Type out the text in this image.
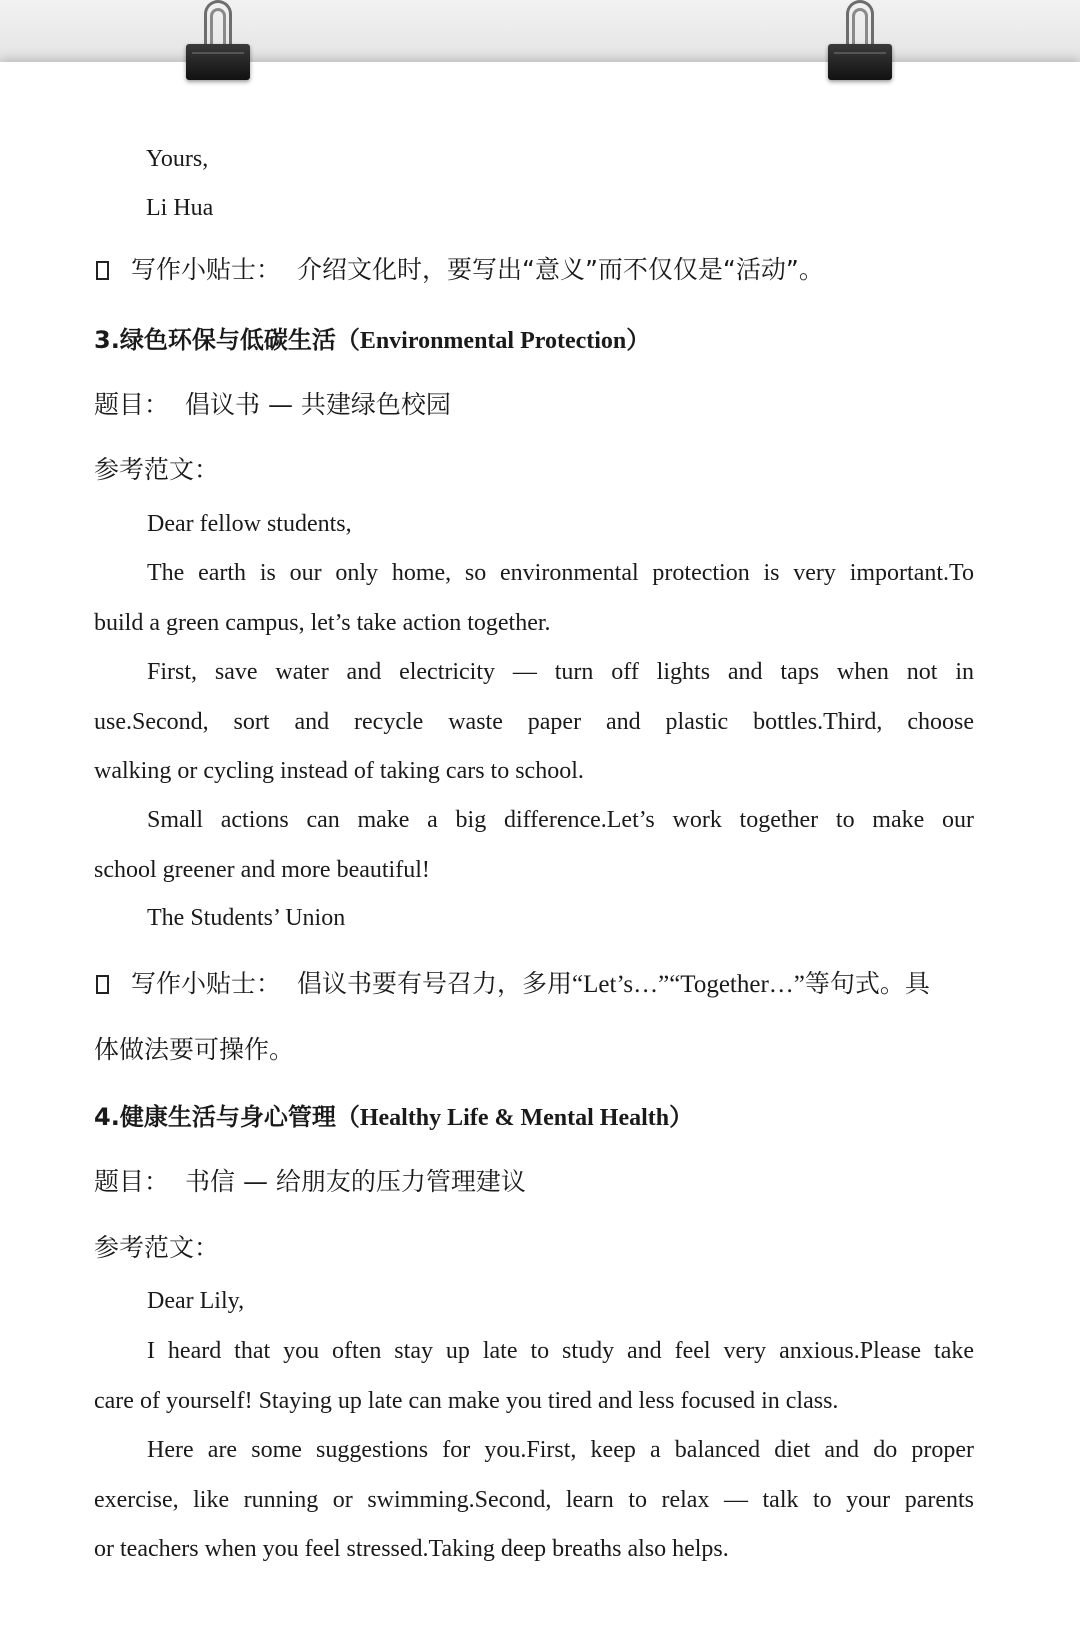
Yours,

Li Hua

写作小贴士： 介绍文化时，要写出“意义”而不仅仅是“活动”。

3.绿色环保与低碳生活（Environmental Protection）

题目： 倡议书 — 共建绿色校园

参考范文：

Dear fellow students,

The earth is our only home, so environmental protection is very important.To
build a green campus, let’s take action together.
First, save water and electricity — turn off lights and taps when not in
use.Second, sort and recycle waste paper and plastic bottles.Third, choose
walking or cycling instead of taking cars to school.
Small actions can make a big difference.Let’s work together to make our
school greener and more beautiful!

The Students’ Union

写作小贴士： 倡议书要有号召力，多用“Let’s…”“Together…”等句式。具

体做法要可操作。

4.健康生活与身心管理（Healthy Life & Mental Health）

题目： 书信 — 给朋友的压力管理建议

参考范文：

Dear Lily,

I heard that you often stay up late to study and feel very anxious.Please take
care of yourself! Staying up late can make you tired and less focused in class.
Here are some suggestions for you.First, keep a balanced diet and do proper
exercise, like running or swimming.Second, learn to relax — talk to your parents
or teachers when you feel stressed.Taking deep breaths also helps.
